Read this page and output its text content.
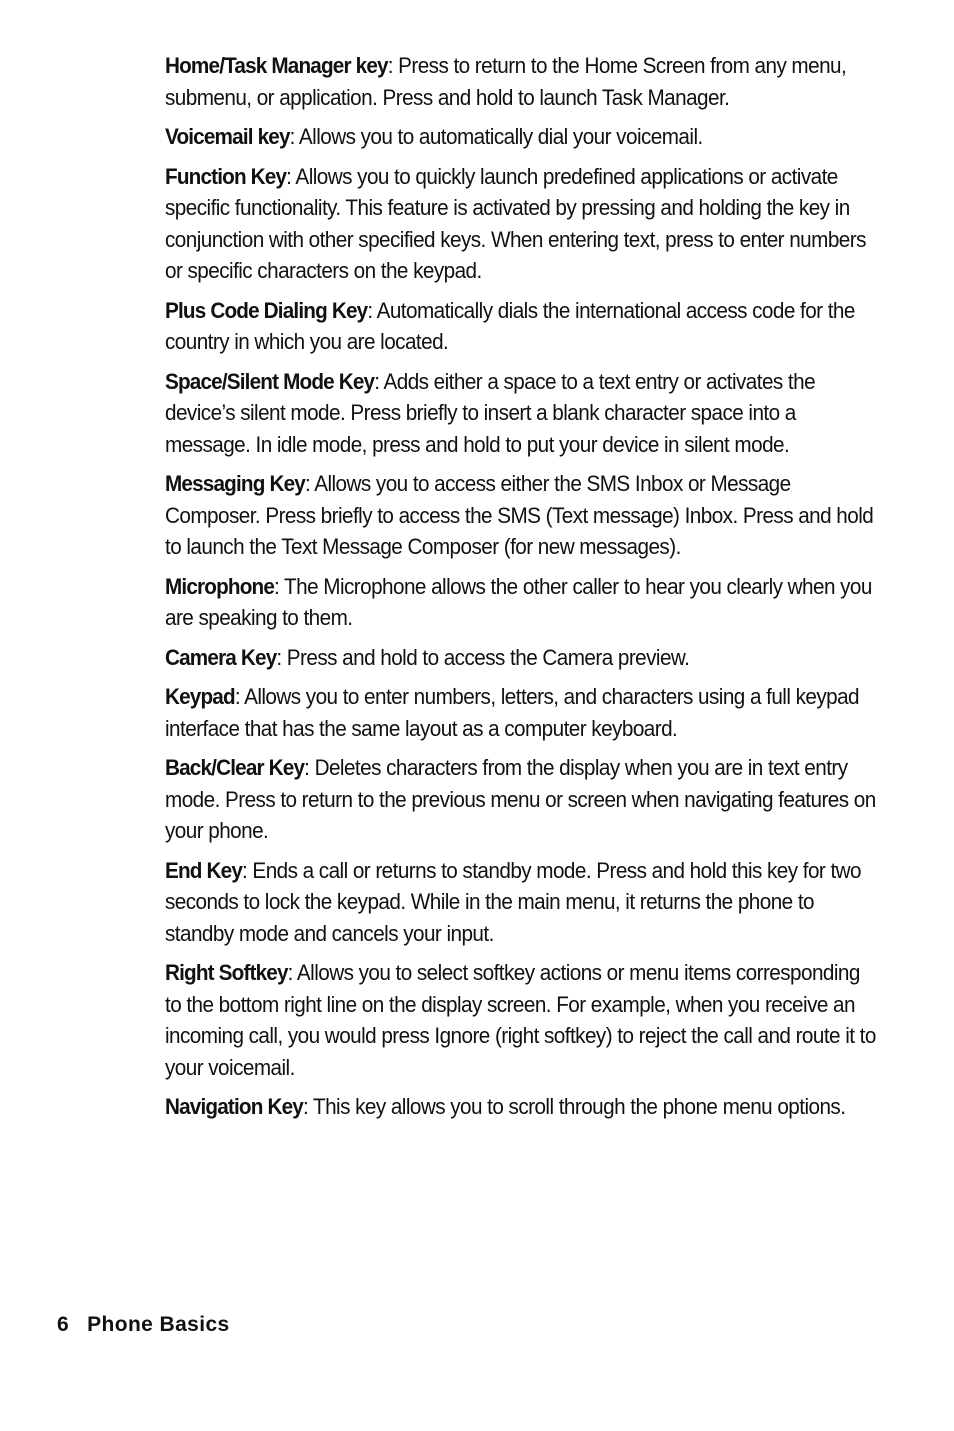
Home/Task Manager key: Press to return to the Home Screen from any menu, submenu, or application. Press and hold to launch Task Manager.

Voicemail key: Allows you to automatically dial your voicemail.

Function Key: Allows you to quickly launch predefined applications or activate specific functionality. This feature is activated by pressing and holding the key in conjunction with other specified keys. When entering text, press to enter numbers or specific characters on the keypad.

Plus Code Dialing Key: Automatically dials the international access code for the country in which you are located.

Space/Silent Mode Key: Adds either a space to a text entry or activates the device’s silent mode. Press briefly to insert a blank character space into a message. In idle mode, press and hold to put your device in silent mode.

Messaging Key: Allows you to access either the SMS Inbox or Message Composer. Press briefly to access the SMS (Text message) Inbox. Press and hold to launch the Text Message Composer (for new messages).

Microphone: The Microphone allows the other caller to hear you clearly when you are speaking to them.

Camera Key: Press and hold to access the Camera preview.

Keypad: Allows you to enter numbers, letters, and characters using a full keypad interface that has the same layout as a computer keyboard.

Back/Clear Key: Deletes characters from the display when you are in text entry mode. Press to return to the previous menu or screen when navigating features on your phone.

End Key: Ends a call or returns to standby mode. Press and hold this key for two seconds to lock the keypad. While in the main menu, it returns the phone to standby mode and cancels your input.

Right Softkey: Allows you to select softkey actions or menu items corresponding to the bottom right line on the display screen. For example, when you receive an incoming call, you would press Ignore (right softkey) to reject the call and route it to your voicemail.

Navigation Key: This key allows you to scroll through the phone menu options.

6 Phone Basics
